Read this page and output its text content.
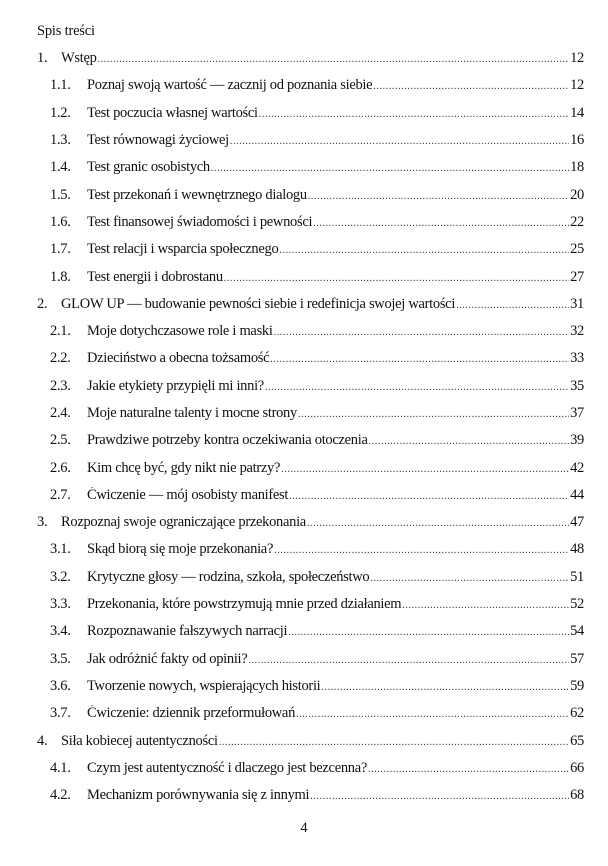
Spis treści
1. Wstęp .....	12
1.1. Poznaj swoją wartość — zacznij od poznania siebie .....	12
1.2. Test poczucia własnej wartości .....	14
1.3. Test równowagi życiowej .....	16
1.4. Test granic osobistych .....	18
1.5. Test przekonań i wewnętrznego dialogu .....	20
1.6. Test finansowej świadomości i pewności .....	22
1.7. Test relacji i wsparcia społecznego .....	25
1.8. Test energii i dobrostanu .....	27
2. GLOW UP — budowanie pewności siebie i redefinicja swojej wartości .....	31
2.1. Moje dotychczasowe role i maski .....	32
2.2. Dzieciństwo a obecna tożsamość .....	33
2.3. Jakie etykiety przypięli mi inni? .....	35
2.4. Moje naturalne talenty i mocne strony .....	37
2.5. Prawdziwe potrzeby kontra oczekiwania otoczenia .....	39
2.6. Kim chcę być, gdy nikt nie patrzy? .....	42
2.7. Ćwiczenie — mój osobisty manifest .....	44
3. Rozpoznaj swoje ograniczające przekonania .....	47
3.1. Skąd biorą się moje przekonania? .....	48
3.2. Krytyczne głosy — rodzina, szkoła, społeczeństwo .....	51
3.3. Przekonania, które powstrzymują mnie przed działaniem .....	52
3.4. Rozpoznawanie fałszywych narracji .....	54
3.5. Jak odróżnić fakty od opinii? .....	57
3.6. Tworzenie nowych, wspierających historii .....	59
3.7. Ćwiczenie: dziennik przeformułowań .....	62
4. Siła kobiecej autentyczności .....	65
4.1. Czym jest autentyczność i dlaczego jest bezcenna? .....	66
4.2. Mechanizm porównywania się z innymi .....	68
4
